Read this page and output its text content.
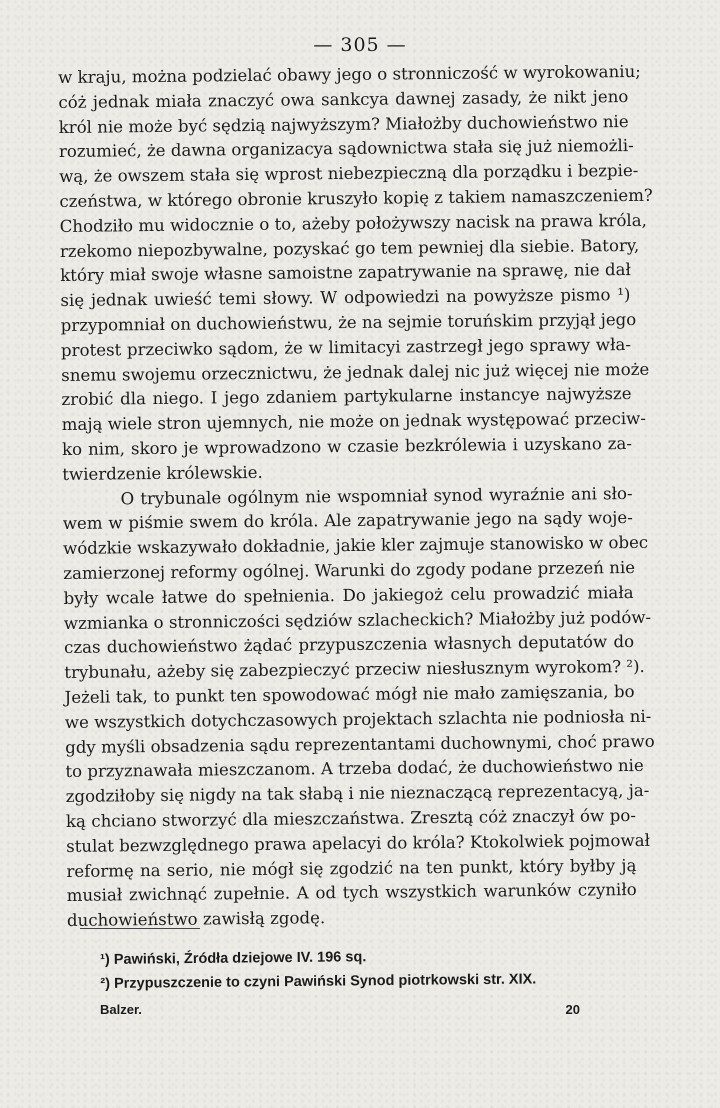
— 305 —
w kraju, można podzielać obawy jego o stronniczość w wyrokowaniu;
cóż jednak miała znaczyć owa sankcya dawnej zasady, że nikt jeno
król nie może być sędzią najwyższym? Miałożby duchowieństwo nie
rozumieć, że dawna organizacya sądownictwa stała się już niemożli-
wą, że owszem stała się wprost niebezpieczną dla porządku i bezpie-
czeństwa, w którego obronie kruszyło kopię z takiem namaszczeniem?
Chodziło mu widocznie o to, ażeby położywszy nacisk na prawa króla,
rzekomo niepozbywalne, pozyskać go tem pewniej dla siebie. Batory,
który miał swoje własne samoistne zapatrywanie na sprawę, nie dał
się jednak uwieść temi słowy. W odpowiedzi na powyższe pismo ¹)
przypomniał on duchowieństwu, że na sejmie toruńskim przyjął jego
protest przeciwko sądom, że w limitacyi zastrzegł jego sprawy wła-
snemu swojemu orzecznictwu, że jednak dalej nic już więcej nie może
zrobić dla niego. I jego zdaniem partykularne instancye najwyższe
mają wiele stron ujemnych, nie może on jednak występować przeciw-
ko nim, skoro je wprowadzono w czasie bezkrólewia i uzyskano za-
twierdzenie królewskie.
O trybunale ogólnym nie wspomniał synod wyraźnie ani sło-
wem w piśmie swem do króla. Ale zapatrywanie jego na sądy woje-
wódzkie wskazywało dokładnie, jakie kler zajmuje stanowisko w obec
zamierzonej reformy ogólnej. Warunki do zgody podane przezeń nie
były wcale łatwe do spełnienia. Do jakiegoż celu prowadzić miała
wzmianka o stronniczości sędziów szlacheckich? Miałożby już podów-
czas duchowieństwo żądać przypuszczenia własnych deputatów do
trybunału, ażeby się zabezpieczyć przeciw niesłusznym wyrokom? ²).
Jeżeli tak, to punkt ten spowodować mógł nie mało zamięszania, bo
we wszystkich dotychczasowych projektach szlachta nie podniosła ni-
gdy myśli obsadzenia sądu reprezentantami duchownymi, choć prawo
to przyznawała mieszczanom. A trzeba dodać, że duchowieństwo nie
zgodziłoby się nigdy na tak słabą i nie nieznaczącą reprezentacyą, ja-
ką chciano stworzyć dla mieszczaństwa. Zresztą cóż znaczył ów po-
stulat bezwzględnego prawa apelacyi do króla? Ktokolwiek pojmował
reformę na serio, nie mógł się zgodzić na ten punkt, który byłby ją
musiał zwichnąć zupełnie. A od tych wszystkich warunków czyniło
duchowieństwo zawisłą zgodę.
¹) Pawiński, Źródła dziejowe IV. 196 sq.
²) Przypuszczenie to czyni Pawiński Synod piotrkowski str. XIX.
Balzer.	20
